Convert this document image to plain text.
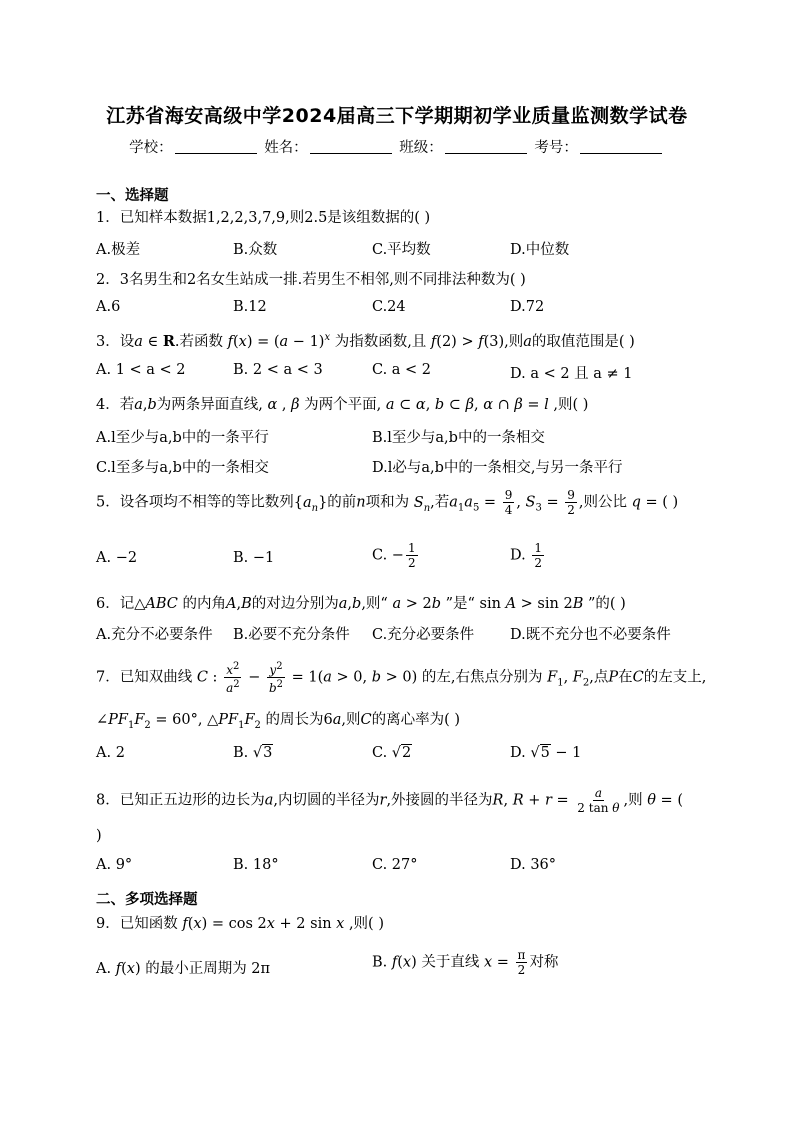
江苏省海安高级中学2024届高三下学期期初学业质量监测数学试卷
学校：	姓名：	班级：	考号：
一、选择题
1．已知样本数据1,2,2,3,7,9,则2.5是该组数据的( )
A.极差	B.众数	C.平均数	D.中位数
2．3名男生和2名女生站成一排.若男生不相邻,则不同排法种数为( )
A.6	B.12	C.24	D.72
3．设a ∈ R.若函数 $f(x) = (a - 1)^x$ 为指数函数,且 f(2) > f(3),则a的取值范围是( )
A. 1 < a < 2	B. 2 < a < 3	C. a < 2	D. a < 2 且 a ≠ 1
4．若a,b为两条异面直线, α , β 为两个平面, a ⊂ α, b ⊂ β, α ∩ β = l ,则( )
A.l至少与a,b中的一条平行	B.l至少与a,b中的一条相交
C.l至多与a,b中的一条相交	D.l必与a,b中的一条相交,与另一条平行
5．设各项均不相等的等比数列$\{a_n\}$的前n项和为 $S_n$,若$a_1a_5 = \frac{9}{4}$ , $S_3 = \frac{9}{2}$ ,则公比 q = ( )
A. −2	B. −1	C. − $\frac{1}{2}$	D. $\frac{1}{2}$
6．记△ABC 的内角A,B的对边分别为a,b,则“ a > 2b ”是“ sin A > sin 2B ”的( )
A.充分不必要条件 B.必要不充分条件 C.充分必要条件 D.既不充分也不必要条件
7．已知双曲线 C : $\frac{x^2}{a^2} - \frac{y^2}{b^2} = 1(a > 0$, b > 0) 的左,右焦点分别为 $F_1$, $F_2$,点P在C的左支上,
$\angle PF_1F_2 = 60^\circ$, $\triangle PF_1F_2$ 的周长为6a,则C的离心率为( )
A. 2	B. √3	C. √2	D. √5 − 1
8．已知正五边形的边长为a,内切圆的半径为r,外接圆的半径为R, $R + r = \frac{a}{\text{2 tan θ}}$ ,则 θ = (
)
A. 9°	B. 18°	C. 27°	D. 36°
二、多项选择题
9．已知函数 f(x) = cos 2x + 2 sin x ,则( )
A. f(x) 的最小正周期为 2π	B. f(x) 关于直线 $x = \frac{\pi}{2}$ 对称
